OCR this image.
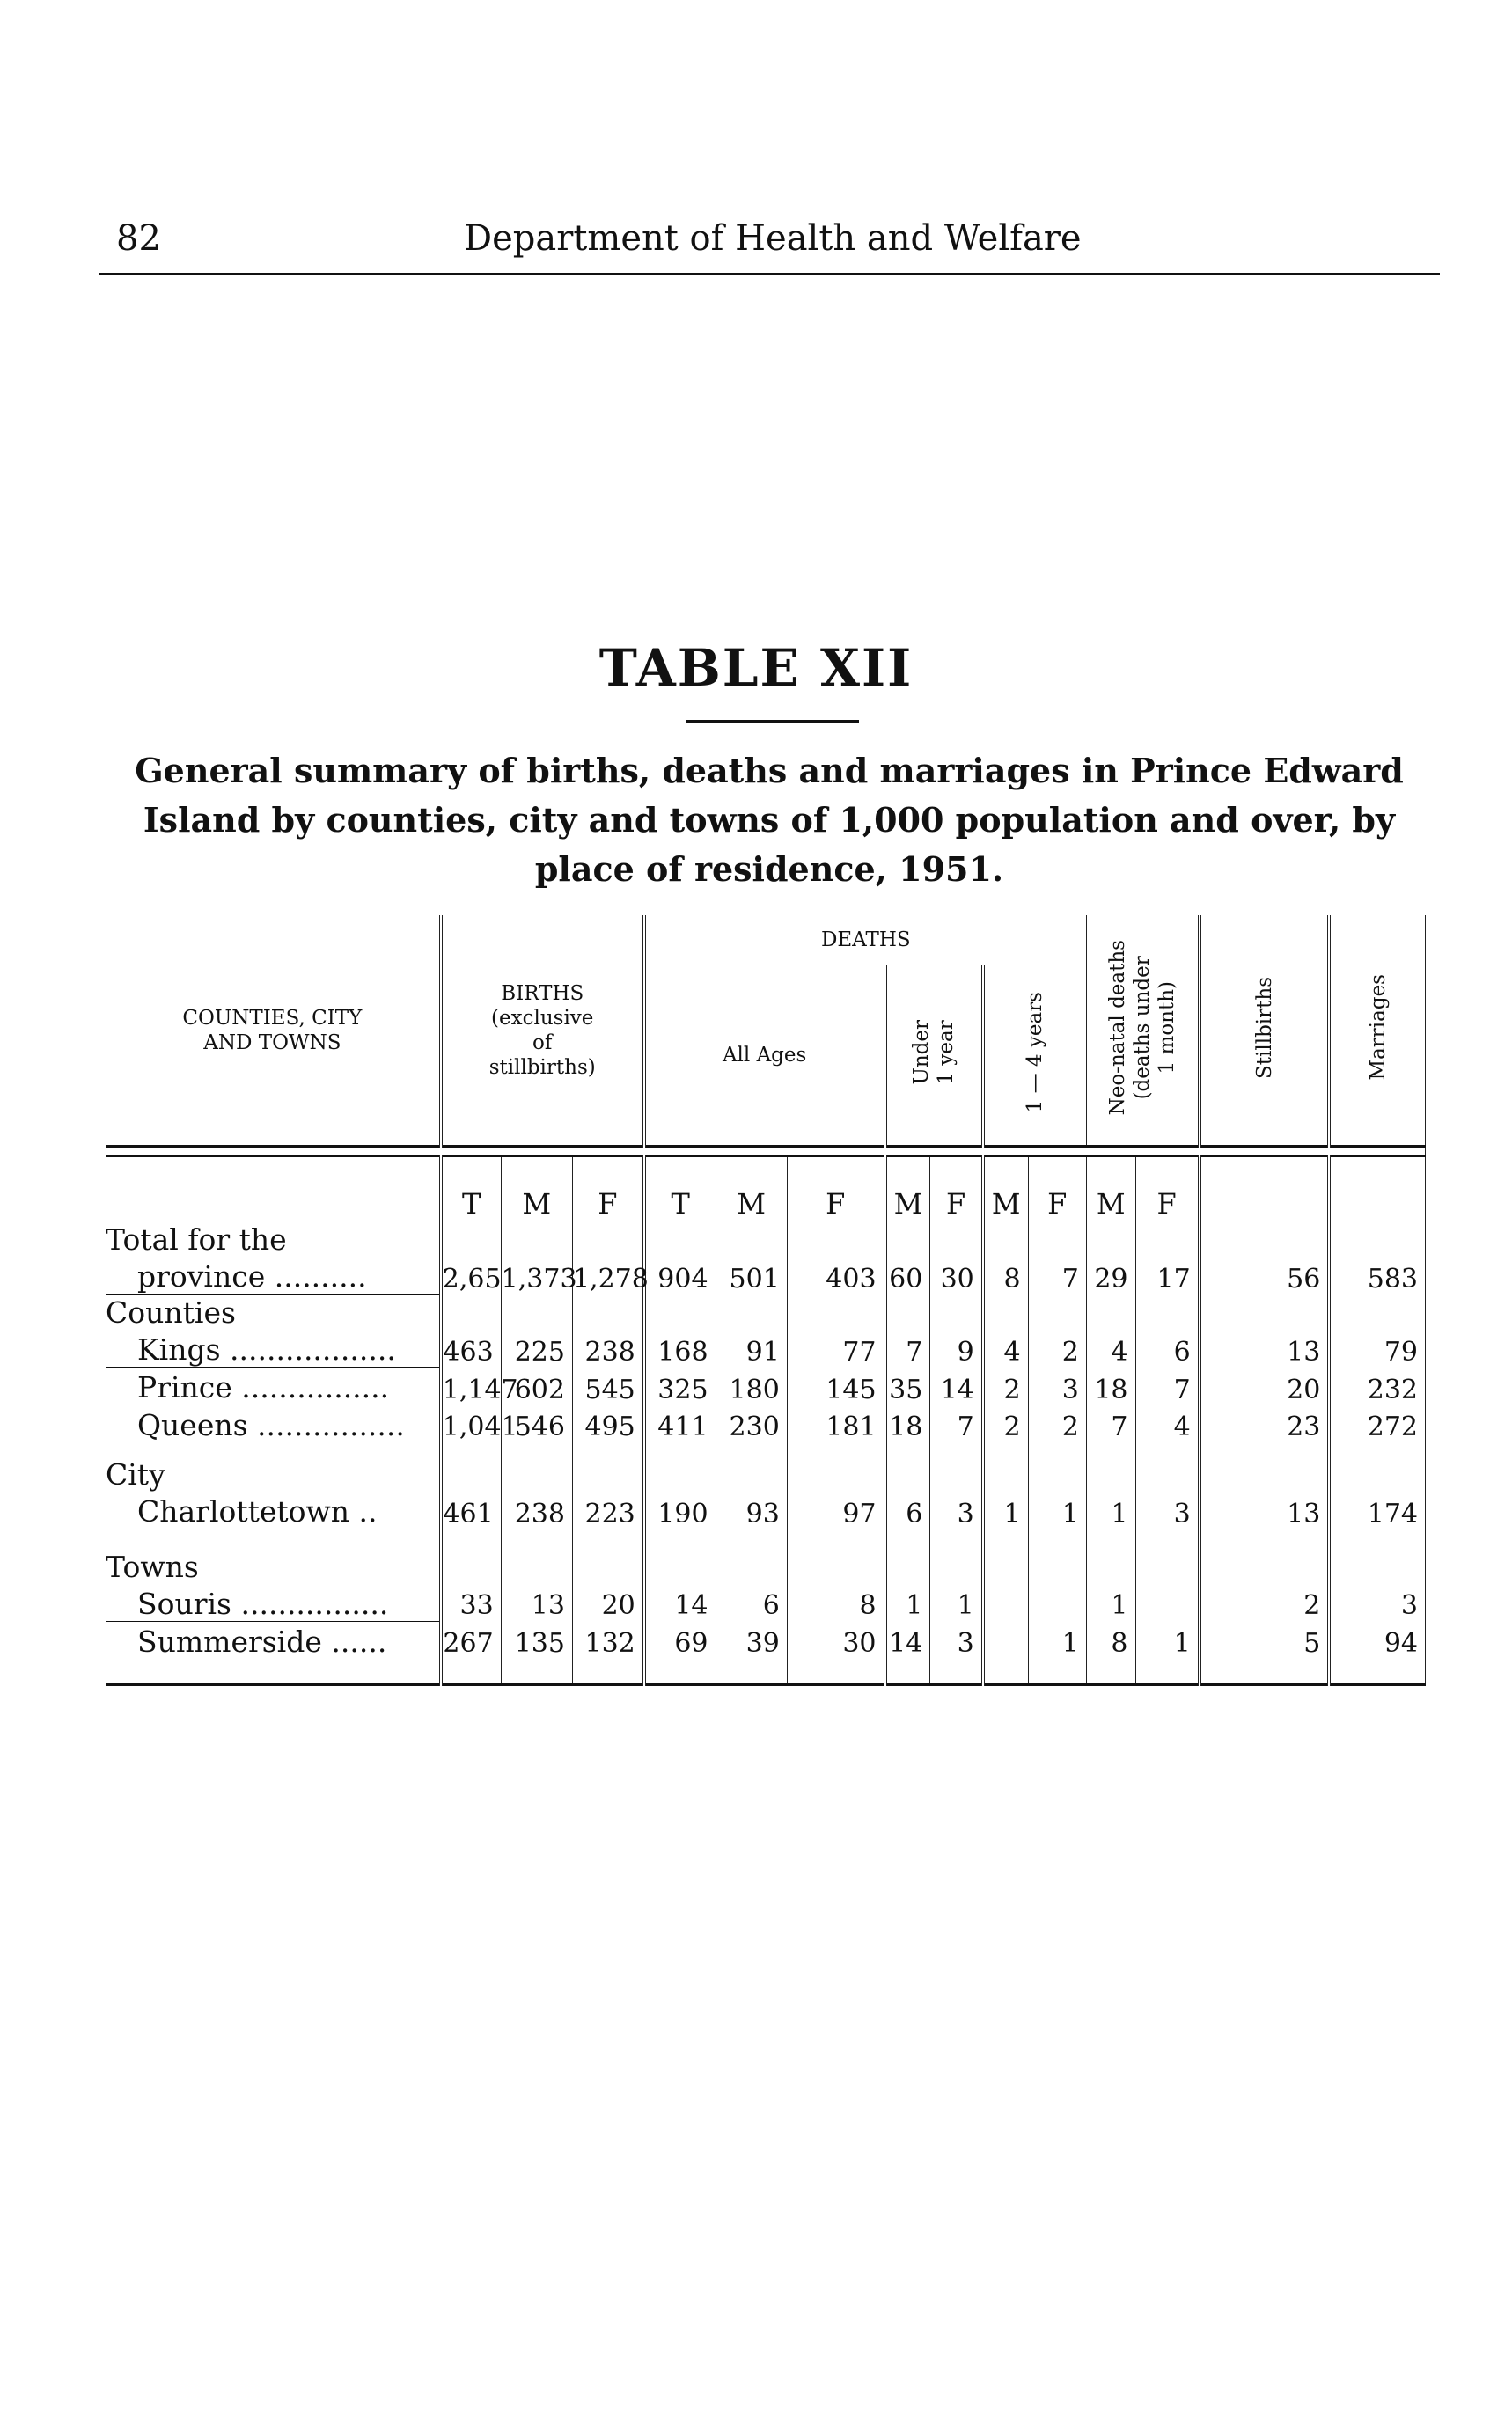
82	Department of Health and Welfare
TABLE XII
General summary of births, deaths and marriages in Prince Edward Island by counties, city and towns of 1,000 population and over, by place of residence, 1951.

COUNTIES, CITY
AND TOWNS	BIRTHS
(exclusive
of
stillbirths)			DEATHS							Neo-natal deaths
(deaths under
1 month)		Stillbirths	Marriages
				All Ages			Under
1 year		1 — 4 years					
	T	M	F	T	M	F	M	F	M	F	M	F		
Total for the														
province ..........	2,651	1,373	1,278	904	501	403	60	30	8	7	29	17	56	583
Counties														
Kings ..................	463	225	238	168	91	77	7	9	4	2	4	6	13	79
Prince ................	1,147	602	545	325	180	145	35	14	2	3	18	7	20	232
Queens ................	1,041	546	495	411	230	181	18	7	2	2	7	4	23	272
City														
Charlottetown ..	461	238	223	190	93	97	6	3	1	1	1	3	13	174
Towns														
Souris ................	33	13	20	14	6	8	1	1			1		2	3
Summerside ......	267	135	132	69	39	30	14	3		1	8	1	5	94
